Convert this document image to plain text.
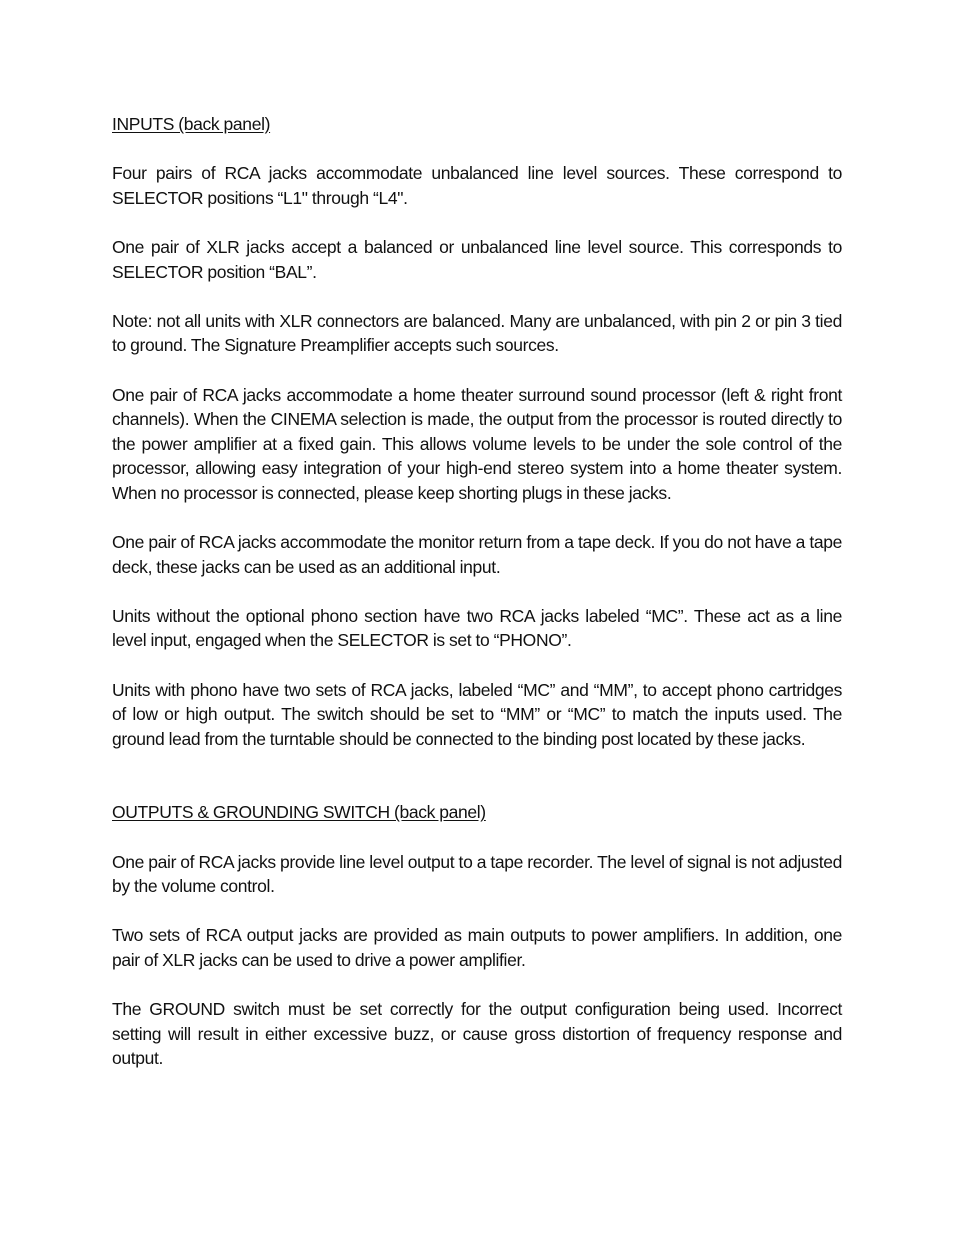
INPUTS (back panel)

Four pairs of RCA jacks accommodate unbalanced line level sources. These correspond to SELECTOR positions “L1" through “L4".

One pair of XLR jacks accept a balanced or unbalanced line level source. This corresponds to SELECTOR position “BAL”.

Note: not all units with XLR connectors are balanced. Many are unbalanced, with pin 2 or pin 3 tied to ground. The Signature Preamplifier accepts such sources.

One pair of RCA jacks accommodate a home theater surround sound processor (left & right front channels). When the CINEMA selection is made, the output from the processor is routed directly to the power amplifier at a fixed gain. This allows volume levels to be under the sole control of the processor, allowing easy integration of your high-end stereo system into a home theater system. When no processor is connected, please keep shorting plugs in these jacks.

One pair of RCA jacks accommodate the monitor return from a tape deck. If you do not have a tape deck, these jacks can be used as an additional input.

Units without the optional phono section have two RCA jacks labeled “MC”. These act as a line level input, engaged when the SELECTOR is set to “PHONO”.

Units with phono have two sets of RCA jacks, labeled “MC” and “MM”, to accept phono cartridges of low or high output. The switch should be set to “MM” or “MC” to match the inputs used. The ground lead from the turntable should be connected to the binding post located by these jacks.

OUTPUTS & GROUNDING SWITCH (back panel)

One pair of RCA jacks provide line level output to a tape recorder. The level of signal is not adjusted by the volume control.

Two sets of RCA output jacks are provided as main outputs to power amplifiers. In addition, one pair of XLR jacks can be used to drive a power amplifier.

The GROUND switch must be set correctly for the output configuration being used. Incorrect setting will result in either excessive buzz, or cause gross distortion of frequency response and output.
